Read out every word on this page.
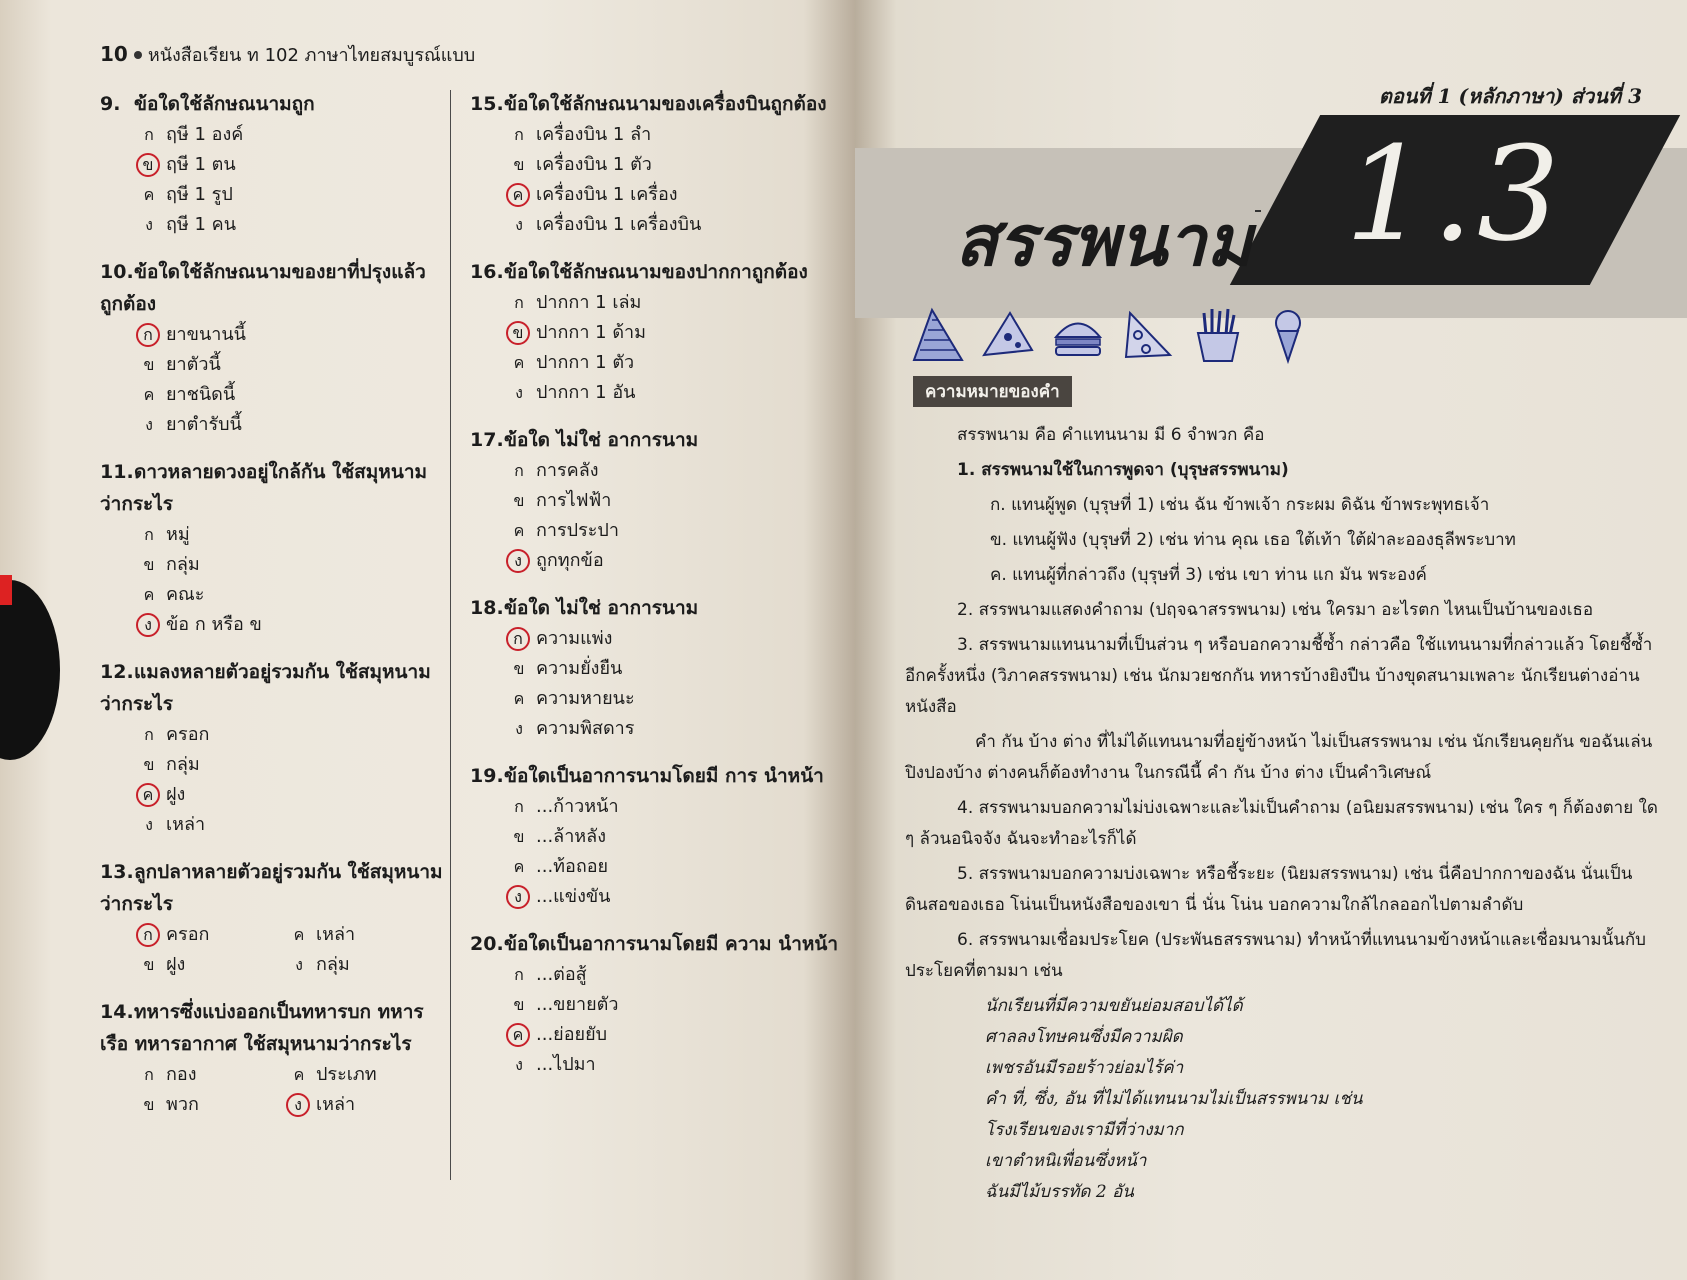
10 หนังสือเรียน ท 102 ภาษาไทยสมบูรณ์แบบ
9. ข้อใดใช้ลักษณนามถูก
ก ฤษี 1 องค์
ข ฤษี 1 ตน
ค ฤษี 1 รูป
ง ฤษี 1 คน
10.ข้อใดใช้ลักษณนามของยาที่ปรุงแล้วถูกต้อง
ก ยาขนานนี้
ข ยาตัวนี้
ค ยาชนิดนี้
ง ยาตำรับนี้
11.ดาวหลายดวงอยู่ใกล้กัน ใช้สมุหนามว่ากระไร
ก หมู่
ข กลุ่ม
ค คณะ
ง ข้อ ก หรือ ข
12.แมลงหลายตัวอยู่รวมกัน ใช้สมุหนามว่ากระไร
ก ครอก
ข กลุ่ม
ค ฝูง
ง เหล่า
13.ลูกปลาหลายตัวอยู่รวมกัน ใช้สมุหนามว่ากระไร
ก ครอก	ค เหล่า
ข ฝูง	ง กลุ่ม
14.ทหารซึ่งแบ่งออกเป็นทหารบก ทหารเรือ ทหารอากาศ ใช้สมุหนามว่ากระไร
ก กอง	ค ประเภท
ข พวก	ง เหล่า
15.ข้อใดใช้ลักษณนามของเครื่องบินถูกต้อง
ก เครื่องบิน 1 ลำ
ข เครื่องบิน 1 ตัว
ค เครื่องบิน 1 เครื่อง
ง เครื่องบิน 1 เครื่องบิน
16.ข้อใดใช้ลักษณนามของปากกาถูกต้อง
ก ปากกา 1 เล่ม
ข ปากกา 1 ด้าม
ค ปากกา 1 ตัว
ง ปากกา 1 อัน
17.ข้อใด ไม่ใช่ อาการนาม
ก การคลัง
ข การไฟฟ้า
ค การประปา
ง ถูกทุกข้อ
18.ข้อใด ไม่ใช่ อาการนาม
ก ความแพ่ง
ข ความยั่งยืน
ค ความหายนะ
ง ความพิสดาร
19.ข้อใดเป็นอาการนามโดยมี การ นำหน้า
ก ...ก้าวหน้า
ข ...ล้าหลัง
ค ...ท้อถอย
ง ...แข่งขัน
20.ข้อใดเป็นอาการนามโดยมี ความ นำหน้า
ก ...ต่อสู้
ข ...ขยายตัว
ค ...ย่อยยับ
ง ...ไปมา
ตอนที่ 1 (หลักภาษา) ส่วนที่ 3
สรรพนาม 1.3
ความหมายของคำ

สรรพนาม คือ คำแทนนาม มี 6 จำพวก คือ

1. สรรพนามใช้ในการพูดจา (บุรุษสรรพนาม)

ก. แทนผู้พูด (บุรุษที่ 1) เช่น ฉัน ข้าพเจ้า กระผม ดิฉัน ข้าพระพุทธเจ้า

ข. แทนผู้ฟัง (บุรุษที่ 2) เช่น ท่าน คุณ เธอ ใต้เท้า ใต้ฝ่าละอองธุลีพระบาท

ค. แทนผู้ที่กล่าวถึง (บุรุษที่ 3) เช่น เขา ท่าน แก มัน พระองค์

2. สรรพนามแสดงคำถาม (ปฤจฉาสรรพนาม) เช่น ใครมา อะไรตก ไหนเป็นบ้านของเธอ

3. สรรพนามแทนนามที่เป็นส่วน ๆ หรือบอกความชี้ซ้ำ กล่าวคือ ใช้แทนนามที่กล่าวแล้ว โดยชี้ซ้ำอีกครั้งหนึ่ง (วิภาคสรรพนาม) เช่น นักมวยชกกัน ทหารบ้างยิงปืน บ้างขุดสนามเพลาะ นักเรียนต่างอ่านหนังสือ

คำ กัน บ้าง ต่าง ที่ไม่ได้แทนนามที่อยู่ข้างหน้า ไม่เป็นสรรพนาม เช่น นักเรียนคุยกัน ขอฉันเล่นปิงปองบ้าง ต่างคนก็ต้องทำงาน ในกรณีนี้ คำ กัน บ้าง ต่าง เป็นคำวิเศษณ์

4. สรรพนามบอกความไม่บ่งเฉพาะและไม่เป็นคำถาม (อนิยมสรรพนาม) เช่น ใคร ๆ ก็ต้องตาย ใด ๆ ล้วนอนิจจัง ฉันจะทำอะไรก็ได้

5. สรรพนามบอกความบ่งเฉพาะ หรือชี้ระยะ (นิยมสรรพนาม) เช่น นี่คือปากกาของฉัน นั่นเป็นดินสอของเธอ โน่นเป็นหนังสือของเขา นี่ นั่น โน่น บอกความใกล้ไกลออกไปตามลำดับ

6. สรรพนามเชื่อมประโยค (ประพันธสรรพนาม) ทำหน้าที่แทนนามข้างหน้าและเชื่อมนามนั้นกับประโยคที่ตามมา เช่น

นักเรียนที่มีความขยันย่อมสอบได้ได้
ศาลลงโทษคนซึ่งมีความผิด
เพชรอันมีรอยร้าวย่อมไร้ค่า
คำ ที่, ซึ่ง, อัน ที่ไม่ได้แทนนามไม่เป็นสรรพนาม เช่น
โรงเรียนของเรามีที่ว่างมาก
เขาตำหนิเพื่อนซึ่งหน้า
ฉันมีไม้บรรทัด 2 อัน
